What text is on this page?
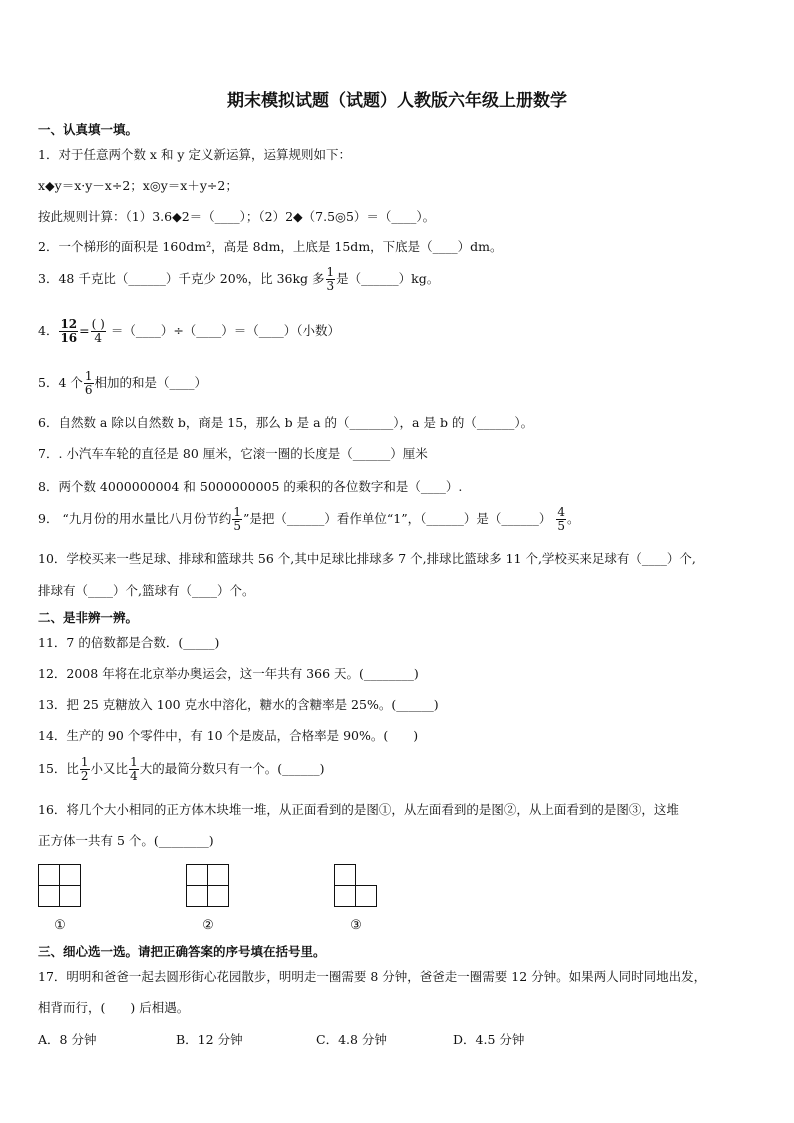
期末模拟试题（试题）人教版六年级上册数学
一、认真填一填。
1．对于任意两个数 x 和 y 定义新运算，运算规则如下：
x◆y＝x·y－x÷2；x◎y＝x＋y÷2；
按此规则计算：（1）3.6◆2＝（____）；（2）2◆（7.5◎5）＝（____）。
2．一个梯形的面积是 160dm²，高是 8dm，上底是 15dm，下底是（____）dm。
3．48 千克比（______）千克少 20%，比 36kg 多 $\frac{1}{3}$ 是（______）kg。
4． $\frac{12}{16} = \frac{( )}{4}$ ＝（____）÷（____）＝（____）（小数）
5．4 个 $\frac{1}{6}$ 相加的和是（____）
6．自然数 a 除以自然数 b，商是 15，那么 b 是 a 的（_______），a 是 b 的（______）。
7．. 小汽车车轮的直径是 80 厘米，它滚一圈的长度是（______）厘米
8．两个数 4000000004 和 5000000005 的乘积的各位数字和是（____）.
9． “九月份的用水量比八月份节约 $\frac{1}{5}$ ”是把（______）看作单位“1”，（______）是（______） $\frac{4}{5}$ 。
10．学校买来一些足球、排球和篮球共 56 个,其中足球比排球多 7 个,排球比篮球多 11 个,学校买来足球有（____）个,
排球有（____）个,篮球有（____）个。
二、是非辨一辨。
11．7 的倍数都是合数．(_____)
12．2008 年将在北京举办奥运会，这一年共有 366 天。(________)
13．把 25 克糖放入 100 克水中溶化，糖水的含糖率是 25%。(______)
14．生产的 90 个零件中，有 10 个是废品，合格率是 90%。(　　)
15．比 $\frac{1}{2}$ 小又比 $\frac{1}{4}$ 大的最简分数只有一个。(______)
16．将几个大小相同的正方体木块堆一堆，从正面看到的是图①，从左面看到的是图②，从上面看到的是图③，这堆
正方体一共有 5 个。(________)
①	②	③
三、细心选一选。请把正确答案的序号填在括号里。
17．明明和爸爸一起去圆形街心花园散步，明明走一圈需要 8 分钟，爸爸走一圈需要 12 分钟。如果两人同时同地出发，
相背而行，(　　) 后相遇。
A．8 分钟	B．12 分钟	C．4.8 分钟	D．4.5 分钟
